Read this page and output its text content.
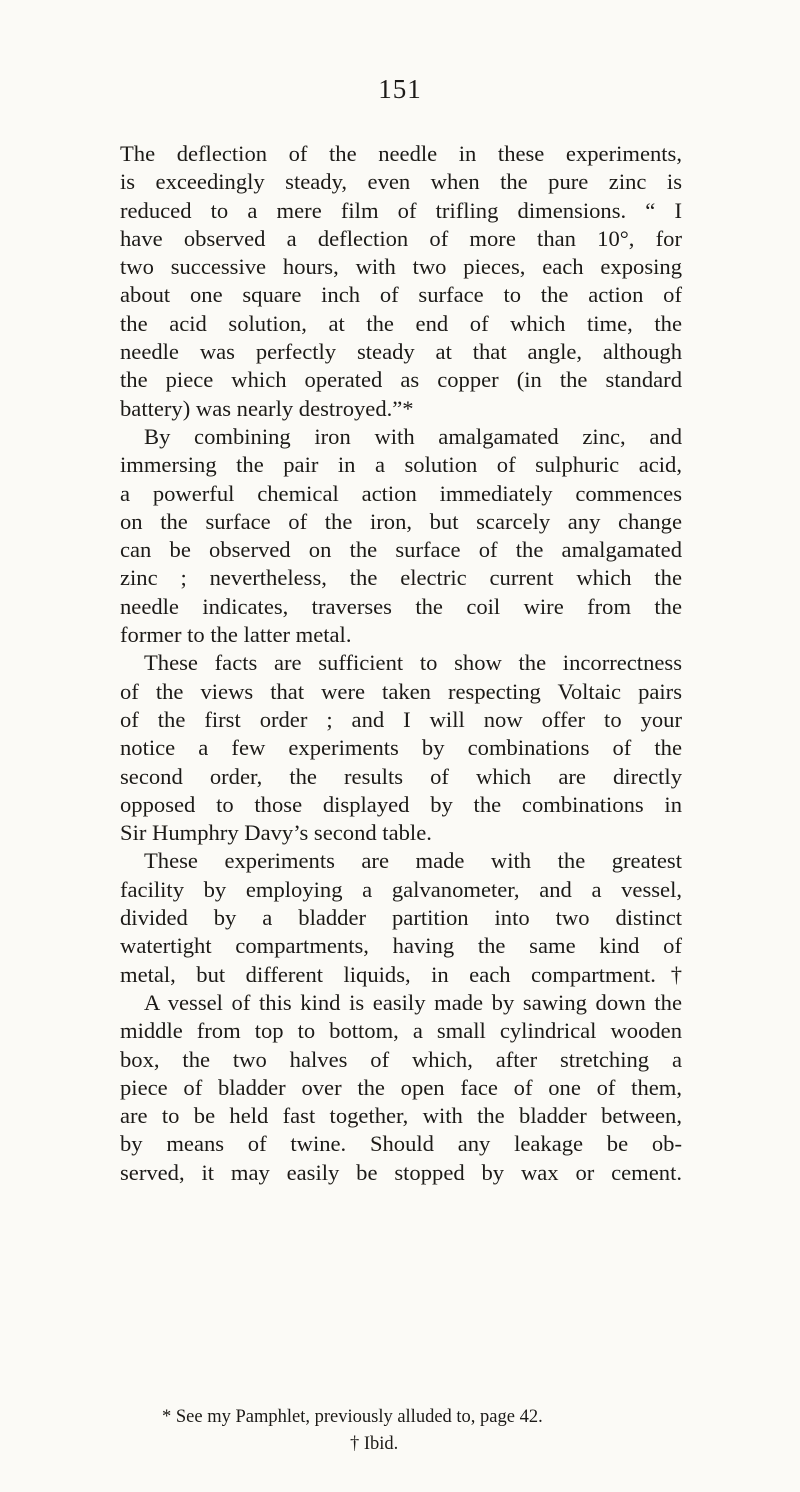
151
The deflection of the needle in these experiments,
is exceedingly steady, even when the pure zinc is
reduced to a mere film of trifling dimensions. “ I
have observed a deflection of more than 10°, for
two successive hours, with two pieces, each exposing
about one square inch of surface to the action of
the acid solution, at the end of which time, the
needle was perfectly steady at that angle, although
the piece which operated as copper (in the standard
battery) was nearly destroyed.”*
By combining iron with amalgamated zinc, and
immersing the pair in a solution of sulphuric acid,
a powerful chemical action immediately commences
on the surface of the iron, but scarcely any change
can be observed on the surface of the amalgamated
zinc ; nevertheless, the electric current which the
needle indicates, traverses the coil wire from the
former to the latter metal.
These facts are sufficient to show the incorrectness
of the views that were taken respecting Voltaic pairs
of the first order ; and I will now offer to your
notice a few experiments by combinations of the
second order, the results of which are directly
opposed to those displayed by the combinations in
Sir Humphry Davy’s second table.
These experiments are made with the greatest
facility by employing a galvanometer, and a vessel,
divided by a bladder partition into two distinct
watertight compartments, having the same kind of
metal, but different liquids, in each compartment.†
A vessel of this kind is easily made by sawing down the
middle from top to bottom, a small cylindrical wooden
box, the two halves of which, after stretching a
piece of bladder over the open face of one of them,
are to be held fast together, with the bladder between,
by means of twine. Should any leakage be ob-
served, it may easily be stopped by wax or cement.
* See my Pamphlet, previously alluded to, page 42.
† Ibid.
